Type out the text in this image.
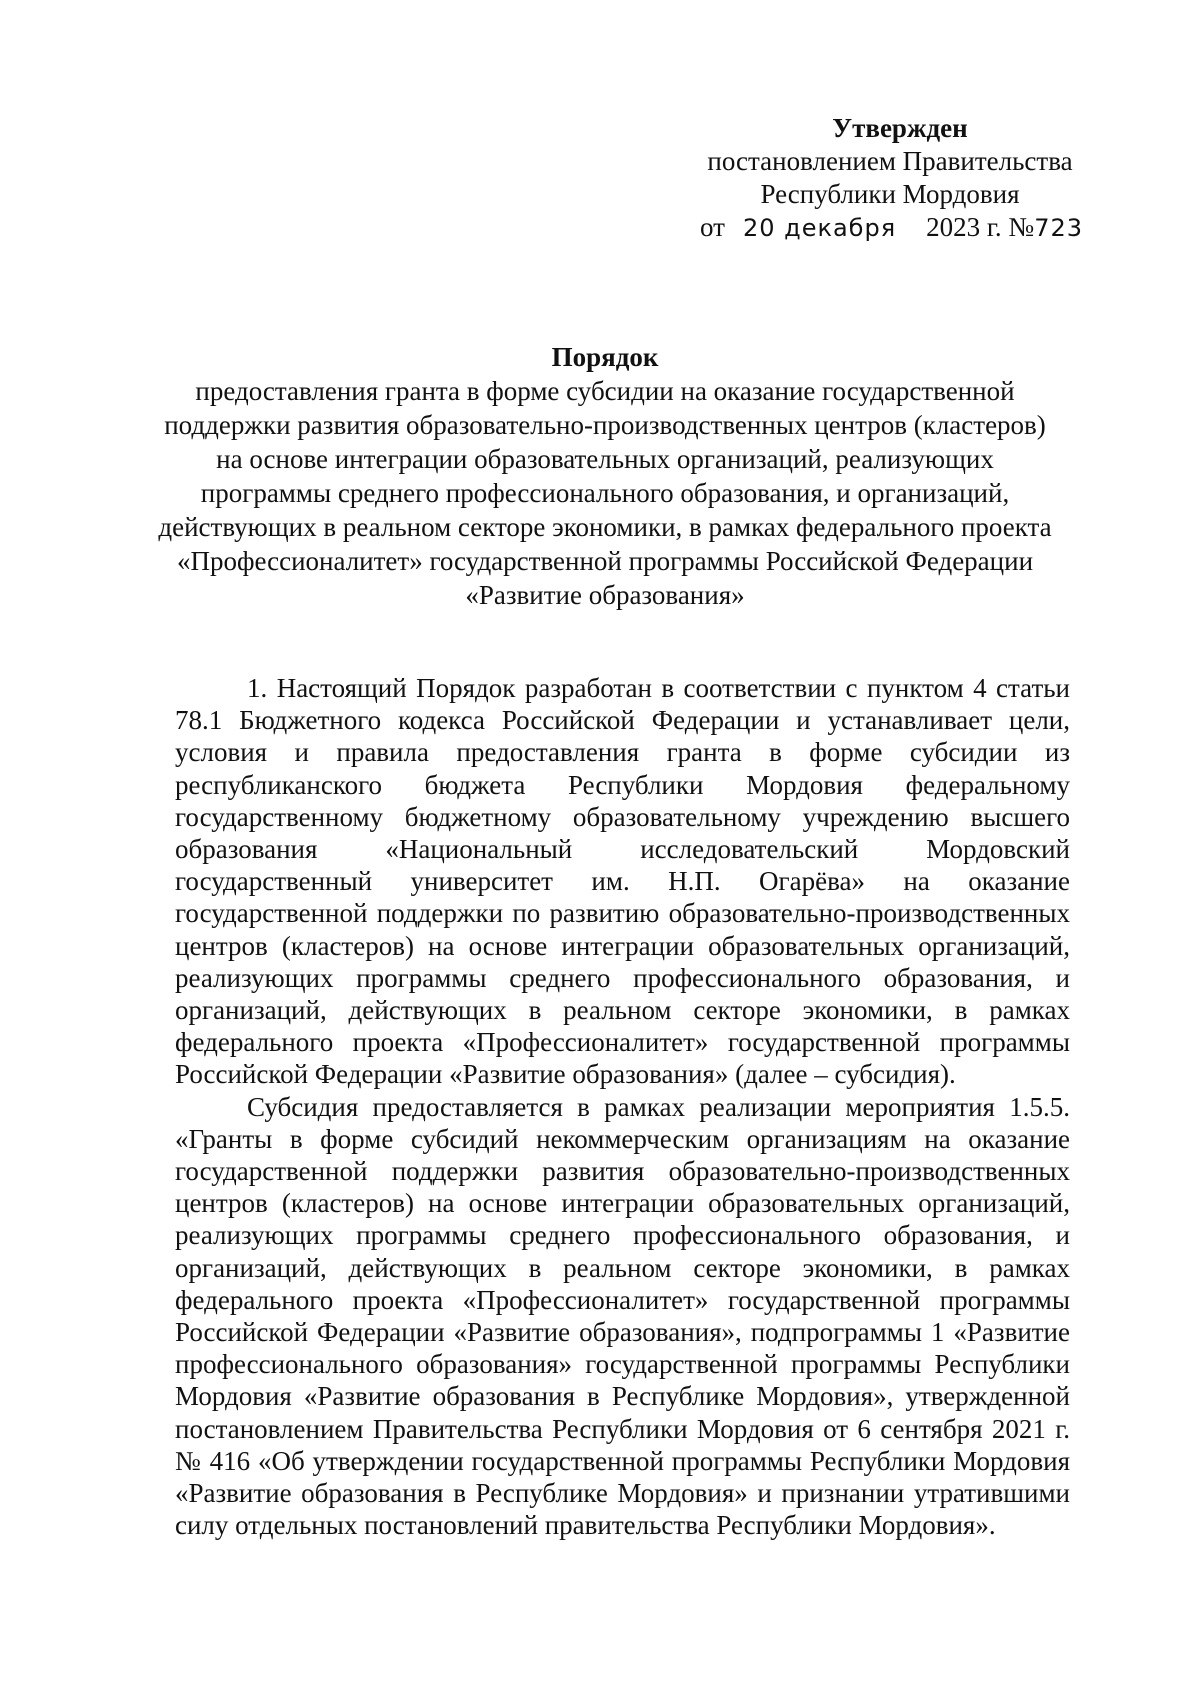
Утвержден
постановлением Правительства
Республики Мордовия
от 20 декабря 2023 г. №723
Порядок
предоставления гранта в форме субсидии на оказание государственной
поддержки развития образовательно-производственных центров (кластеров)
на основе интеграции образовательных организаций, реализующих
программы среднего профессионального образования, и организаций,
действующих в реальном секторе экономики, в рамках федерального проекта
«Профессионалитет» государственной программы Российской Федерации
«Развитие образования»

1. Настоящий Порядок разработан в соответствии с пунктом 4 статьи 78.1 Бюджетного кодекса Российской Федерации и устанавливает цели, условия и правила предоставления гранта в форме субсидии из республиканского бюджета Республики Мордовия федеральному государственному бюджетному образовательному учреждению высшего образования «Национальный исследовательский Мордовский государственный университет им. Н.П. Огарёва» на оказание государственной поддержки по развитию образовательно-производственных центров (кластеров) на основе интеграции образовательных организаций, реализующих программы среднего профессионального образования, и организаций, действующих в реальном секторе экономики, в рамках федерального проекта «Профессионалитет» государственной программы Российской Федерации «Развитие образования» (далее – субсидия).

Субсидия предоставляется в рамках реализации мероприятия 1.5.5. «Гранты в форме субсидий некоммерческим организациям на оказание государственной поддержки развития образовательно-производственных центров (кластеров) на основе интеграции образовательных организаций, реализующих программы среднего профессионального образования, и организаций, действующих в реальном секторе экономики, в рамках федерального проекта «Профессионалитет» государственной программы Российской Федерации «Развитие образования», подпрограммы 1 «Развитие профессионального образования» государственной программы Республики Мордовия «Развитие образования в Республике Мордовия», утвержденной постановлением Правительства Республики Мордовия от 6 сентября 2021 г. № 416 «Об утверждении государственной программы Республики Мордовия «Развитие образования в Республике Мордовия» и признании утратившими силу отдельных постановлений правительства Республики Мордовия».
